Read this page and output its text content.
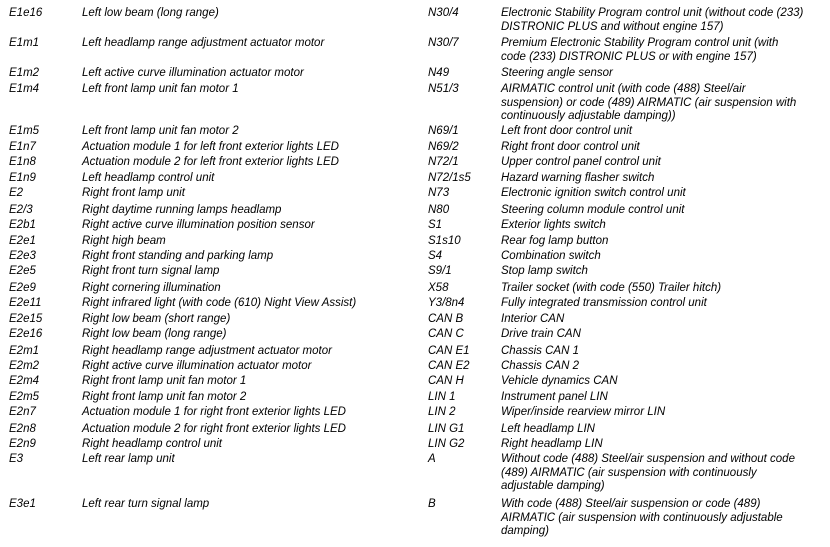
E1e16	Left low beam (long range)
E1m1	Left headlamp range adjustment actuator motor
E1m2	Left active curve illumination actuator motor
E1m4	Left front lamp unit fan motor 1
E1m5	Left front lamp unit fan motor 2
E1n7	Actuation module 1 for left front exterior lights LED
E1n8	Actuation module 2 for left front exterior lights LED
E1n9	Left headlamp control unit
E2	Right front lamp unit
E2/3	Right daytime running lamps headlamp
E2b1	Right active curve illumination position sensor
E2e1	Right high beam
E2e3	Right front standing and parking lamp
E2e5	Right front turn signal lamp
E2e9	Right cornering illumination
E2e11	Right infrared light (with code (610) Night View Assist)
E2e15	Right low beam (short range)
E2e16	Right low beam (long range)
E2m1	Right headlamp range adjustment actuator motor
E2m2	Right active curve illumination actuator motor
E2m4	Right front lamp unit fan motor 1
E2m5	Right front lamp unit fan motor 2
E2n7	Actuation module 1 for right front exterior lights LED
E2n8	Actuation module 2 for right front exterior lights LED
E2n9	Right headlamp control unit
E3	Left rear lamp unit
E3e1	Left rear turn signal lamp
N30/4	Electronic Stability Program control unit (without code (233)
DISTRONIC PLUS and without engine 157)
N30/7	Premium Electronic Stability Program control unit (with
code (233) DISTRONIC PLUS or with engine 157)
N49	Steering angle sensor
N51/3	AIRMATIC control unit (with code (488) Steel/air
suspension) or code (489) AIRMATIC (air suspension with
continuously adjustable damping))
N69/1	Left front door control unit
N69/2	Right front door control unit
N72/1	Upper control panel control unit
N72/1s5	Hazard warning flasher switch
N73	Electronic ignition switch control unit
N80	Steering column module control unit
S1	Exterior lights switch
S1s10	Rear fog lamp button
S4	Combination switch
S9/1	Stop lamp switch
X58	Trailer socket (with code (550) Trailer hitch)
Y3/8n4	Fully integrated transmission control unit
CAN B	Interior CAN
CAN C	Drive train CAN
CAN E1	Chassis CAN 1
CAN E2	Chassis CAN 2
CAN H	Vehicle dynamics CAN
LIN 1	Instrument panel LIN
LIN 2	Wiper/inside rearview mirror LIN
LIN G1	Left headlamp LIN
LIN G2	Right headlamp LIN
A	Without code (488) Steel/air suspension and without code
(489) AIRMATIC (air suspension with continuously
adjustable damping)
B	With code (488) Steel/air suspension or code (489)
AIRMATIC (air suspension with continuously adjustable
damping)
